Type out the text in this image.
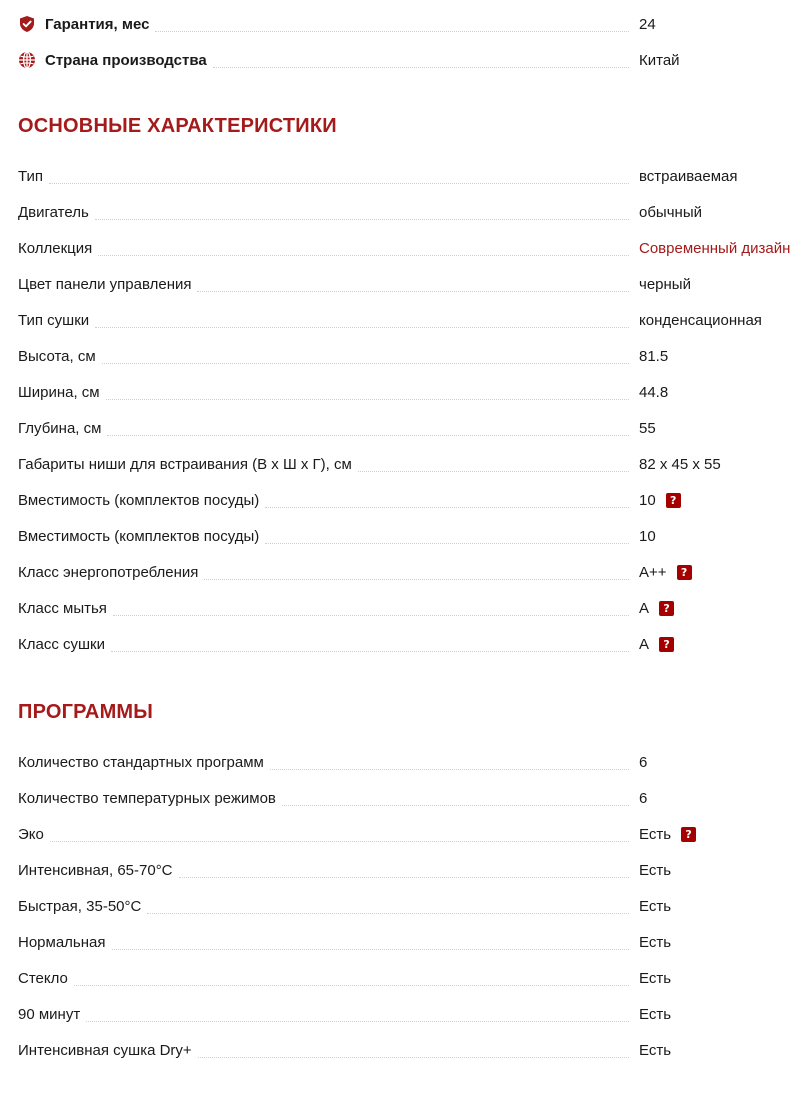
Гарантия, мес	24
Страна производства	Китай
ОСНОВНЫЕ ХАРАКТЕРИСТИКИ
Тип	встраиваемая
Двигатель	обычный
Коллекция	Современный дизайн
Цвет панели управления	черный
Тип сушки	конденсационная
Высота, см	81.5
Ширина, см	44.8
Глубина, см	55
Габариты ниши для встраивания (В х Ш х Г), см	82 х 45 х 55
Вместимость (комплектов посуды)	10	?
Вместимость (комплектов посуды)	10
Класс энергопотребления	A++	?
Класс мытья	A	?
Класс сушки	A	?
ПРОГРАММЫ
Количество стандартных программ	6
Количество температурных режимов	6
Эко	Есть	?
Интенсивная, 65-70°C	Есть
Быстрая, 35-50°C	Есть
Нормальная	Есть
Стекло	Есть
90 минут	Есть
Интенсивная сушка Dry+	Есть
